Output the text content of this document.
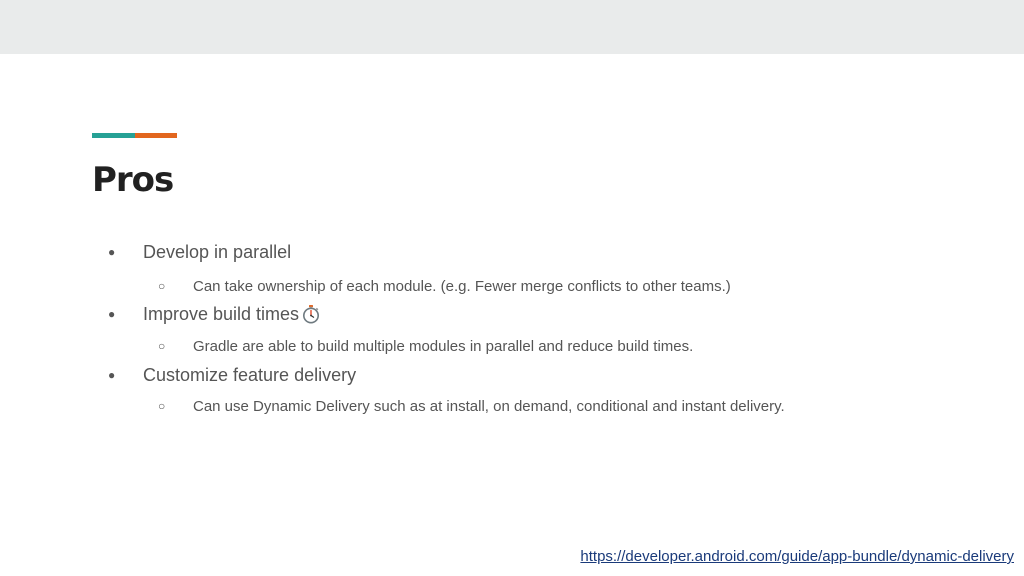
Pros
●	Develop in parallel
○	Can take ownership of each module. (e.g. Fewer merge conflicts to other teams.)
●	Improve build times
○	Gradle are able to build multiple modules in parallel and reduce build times.
●	Customize feature delivery
○	Can use Dynamic Delivery such as at install, on demand, conditional and instant delivery.
https://developer.android.com/guide/app-bundle/dynamic-delivery
